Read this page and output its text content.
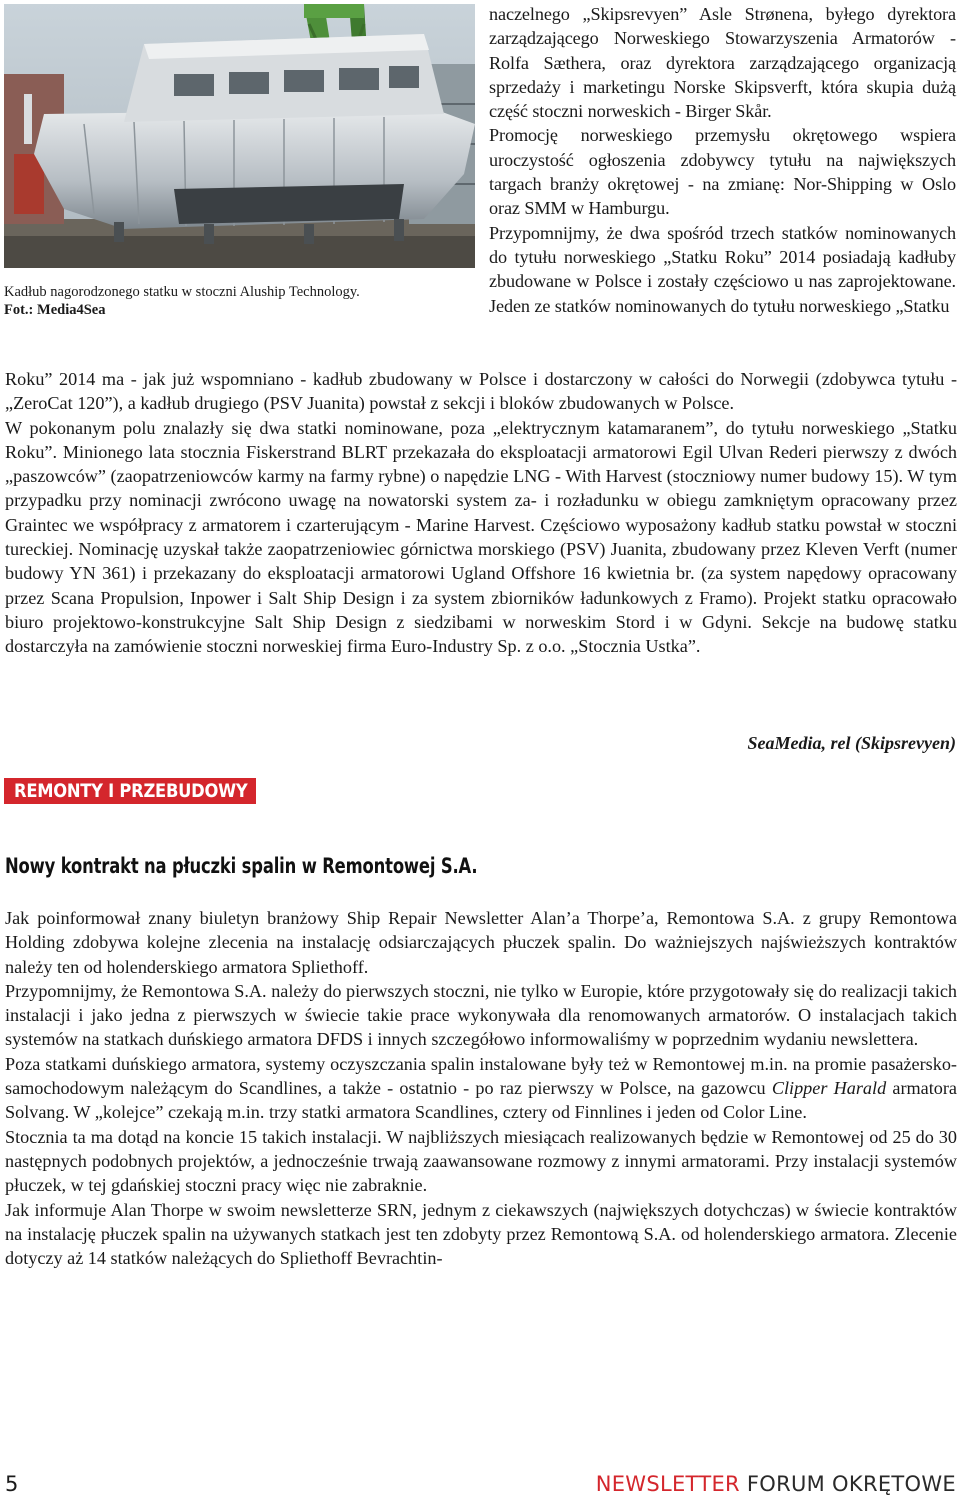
Kadłub nagorodzonego statku w stoczni Aluship Technology.
Fot.: Media4Sea

naczelnego „Skipsrevyen” Asle Strønena, byłego dyrektora zarządzającego Norweskiego Stowarzyszenia Armatorów - Rolfa Sæthera, oraz dyrektora zarządzającego organizacją sprzedaży i marketingu Norske Skipsverft, która skupia dużą część stoczni norweskich - Birger Skår.

Promocję norweskiego przemysłu okrętowego wspiera uroczystość ogłoszenia zdobywcy tytułu na największych targach branży okrętowej - na zmianę: Nor-Shipping w Oslo oraz SMM w Hamburgu.

Przypomnijmy, że dwa spośród trzech statków nominowanych do tytułu norweskiego „Statku Roku” 2014 posiadają kadłuby zbudowane w Polsce i zostały częściowo u nas zaprojektowane. Jeden ze statków nominowanych do tytułu norweskiego „Statku

Roku” 2014 ma - jak już wspomniano - kadłub zbudowany w Polsce i dostarczony w całości do Norwegii (zdobywca tytułu - „ZeroCat 120”), a kadłub drugiego (PSV Juanita) powstał z sekcji i bloków zbudowanych w Polsce.

W pokonanym polu znalazły się dwa statki nominowane, poza „elektrycznym katamaranem”, do tytułu norweskiego „Statku Roku”. Minionego lata stocznia Fiskerstrand BLRT przekazała do eksploatacji armatorowi Egil Ulvan Rederi pierwszy z dwóch „paszowców” (zaopatrzeniowców karmy na farmy rybne) o napędzie LNG - With Harvest (stoczniowy numer budowy 15). W tym przypadku przy nominacji zwrócono uwagę na nowatorski system za- i rozładunku w obiegu zamkniętym opracowany przez Graintec we współpracy z armatorem i czarterującym - Marine Harvest. Częściowo wyposażony kadłub statku powstał w stoczni tureckiej. Nominację uzyskał także zaopatrzeniowiec górnictwa morskiego (PSV) Juanita, zbudowany przez Kleven Verft (numer budowy YN 361) i przekazany do eksploatacji armatorowi Ugland Offshore 16 kwietnia br. (za system napędowy opracowany przez Scana Propulsion, Inpower i Salt Ship Design i za system zbiorników ładunkowych z Framo). Projekt statku opracowało biuro projektowo-konstrukcyjne Salt Ship Design z siedzibami w norweskim Stord i w Gdyni. Sekcje na budowę statku dostarczyła na zamówienie stoczni norweskiej firma Euro-Industry Sp. z o.o. „Stocznia Ustka”.

SeaMedia, rel (Skipsrevyen)
REMONTY I PRZEBUDOWY
Nowy kontrakt na płuczki spalin w Remontowej S.A.

Jak poinformował znany biuletyn branżowy Ship Repair Newsletter Alan’a Thorpe’a, Remontowa S.A. z grupy Remontowa Holding zdobywa kolejne zlecenia na instalację odsiarczających płuczek spalin. Do ważniejszych najświeższych kontraktów należy ten od holenderskiego armatora Spliethoff.

Przypomnijmy, że Remontowa S.A. należy do pierwszych stoczni, nie tylko w Europie, które przygotowały się do realizacji takich instalacji i jako jedna z pierwszych w świecie takie prace wykonywała dla renomowanych armatorów. O instalacjach takich systemów na statkach duńskiego armatora DFDS i innych szczegółowo informowaliśmy w poprzednim wydaniu newslettera.

Poza statkami duńskiego armatora, systemy oczyszczania spalin instalowane były też w Remontowej m.in. na promie pasażersko-samochodowym należącym do Scandlines, a także - ostatnio - po raz pierwszy w Polsce, na gazowcu Clipper Harald armatora Solvang. W „kolejce” czekają m.in. trzy statki armatora Scandlines, cztery od Finnlines i jeden od Color Line.

Stocznia ta ma dotąd na koncie 15 takich instalacji. W najbliższych miesiącach realizowanych będzie w Remontowej od 25 do 30 następnych podobnych projektów, a jednocześnie trwają zaawansowane rozmowy z innymi armatorami. Przy instalacji systemów płuczek, w tej gdańskiej stoczni pracy więc nie zabraknie.

Jak informuje Alan Thorpe w swoim newsletterze SRN, jednym z ciekawszych (największych dotychczas) w świecie kontraktów na instalację płuczek spalin na używanych statkach jest ten zdobyty przez Remontową S.A. od holenderskiego armatora. Zlecenie dotyczy aż 14 statków należących do Spliethoff Bevrachtin-

5	NEWSLETTER FORUM OKRĘTOWE
